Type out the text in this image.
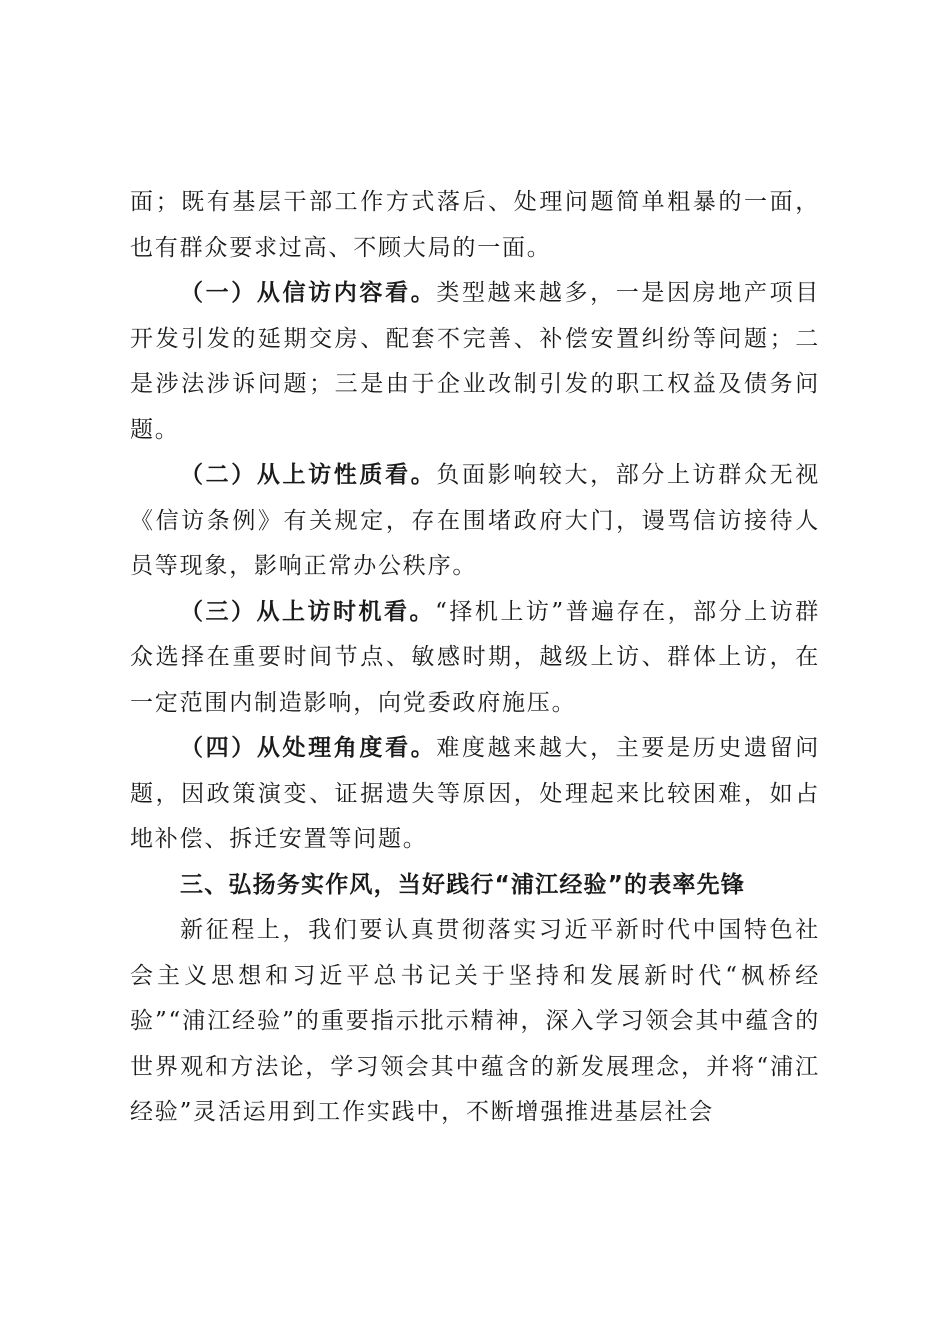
面；既有基层干部工作方式落后、处理问题简单粗暴的一面，也有群众要求过高、不顾大局的一面。

（一）从信访内容看。类型越来越多，一是因房地产项目开发引发的延期交房、配套不完善、补偿安置纠纷等问题；二是涉法涉诉问题；三是由于企业改制引发的职工权益及债务问题。

（二）从上访性质看。负面影响较大，部分上访群众无视《信访条例》有关规定，存在围堵政府大门，谩骂信访接待人员等现象，影响正常办公秩序。

（三）从上访时机看。“择机上访”普遍存在，部分上访群众选择在重要时间节点、敏感时期，越级上访、群体上访，在一定范围内制造影响，向党委政府施压。

（四）从处理角度看。难度越来越大，主要是历史遗留问题，因政策演变、证据遗失等原因，处理起来比较困难，如占地补偿、拆迁安置等问题。

三、弘扬务实作风，当好践行“浦江经验”的表率先锋

新征程上，我们要认真贯彻落实习近平新时代中国特色社会主义思想和习近平总书记关于坚持和发展新时代“枫桥经验”“浦江经验”的重要指示批示精神，深入学习领会其中蕴含的世界观和方法论，学习领会其中蕴含的新发展理念，并将“浦江经验”灵活运用到工作实践中，不断增强推进基层社会
